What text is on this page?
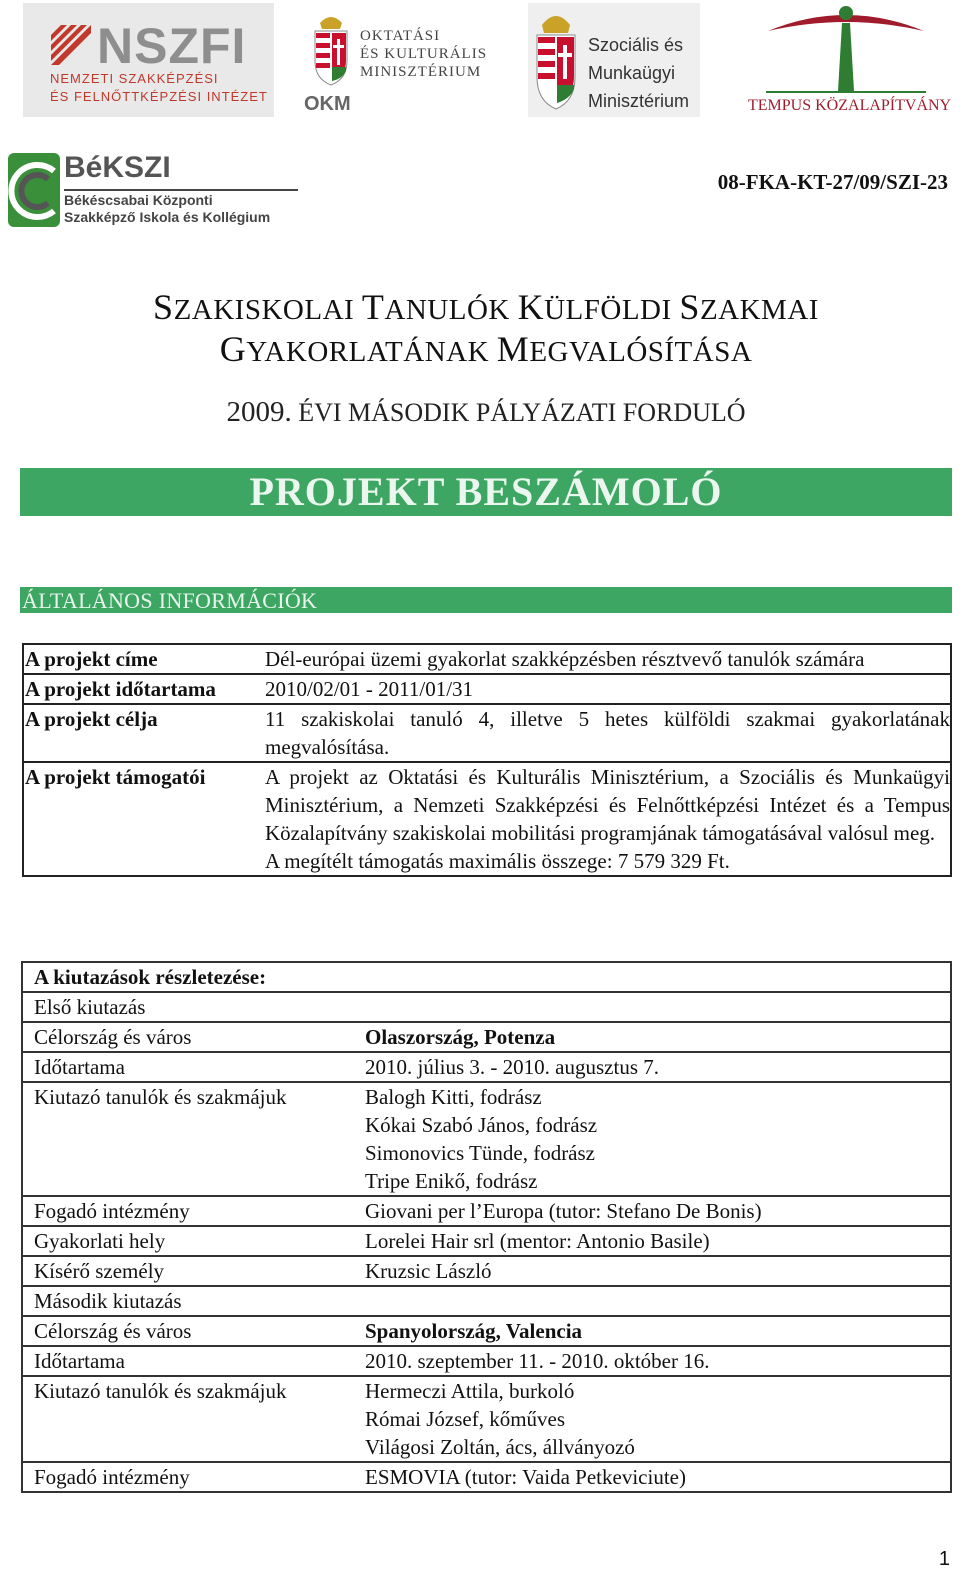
NSZFI
NEMZETI SZAKKÉPZÉSI
ÉS FELNŐTTKÉPZÉSI INTÉZET
OKTATÁSI
ÉS KULTURÁLIS
MINISZTÉRIUM
OKM
Szociális és
Munkaügyi
Minisztérium	TEMPUS KÖZALAPÍTVÁNY
BéKSZI
Békéscsabai Központi
Szakképző Iskola és Kollégium
08-FKA-KT-27/09/SZI-23
SZAKISKOLAI TANULÓK KÜLFÖLDI SZAKMAI
GYAKORLATÁNAK MEGVALÓSÍTÁSA
2009. ÉVI MÁSODIK PÁLYÁZATI FORDULÓ
PROJEKT BESZÁMOLÓ
ÁLTALÁNOS INFORMÁCIÓK
A projekt címe	Dél-európai üzemi gyakorlat szakképzésben résztvevő tanulók számára

A projekt időtartama	2010/02/01 - 2011/01/31

A projekt célja	11 szakiskolai tanuló 4, illetve 5 hetes külföldi szakmai gyakorlatának megvalósítása.

A projekt támogatói	A projekt az Oktatási és Kulturális Minisztérium, a Szociális és Munkaügyi Minisztérium, a Nemzeti Szakképzési és Felnőttképzési Intézet és a Tempus Közalapítvány szakiskolai mobilitási programjának támogatásával valósul meg.
A megítélt támogatás maximális összege: 7 579 329 Ft.
A kiutazások részletezése:	
Első kiutazás	
Célország és város	Olaszország, Potenza
Időtartama	2010. július 3. - 2010. augusztus 7.
Kiutazó tanulók és szakmájuk	Balogh Kitti, fodrász
Kókai Szabó János, fodrász
Simonovics Tünde, fodrász
Tripe Enikő, fodrász

Fogadó intézmény	Giovani per l’Europa (tutor: Stefano De Bonis)
Gyakorlati hely	Lorelei Hair srl (mentor: Antonio Basile)
Kísérő személy	Kruzsic László
Második kiutazás	
Célország és város	Spanyolország, Valencia
Időtartama	2010. szeptember 11. - 2010. október 16.
Kiutazó tanulók és szakmájuk	Hermeczi Attila, burkoló
Római József, kőműves
Világosi Zoltán, ács, állványozó

Fogadó intézmény	ESMOVIA (tutor: Vaida Petkeviciute)
1
